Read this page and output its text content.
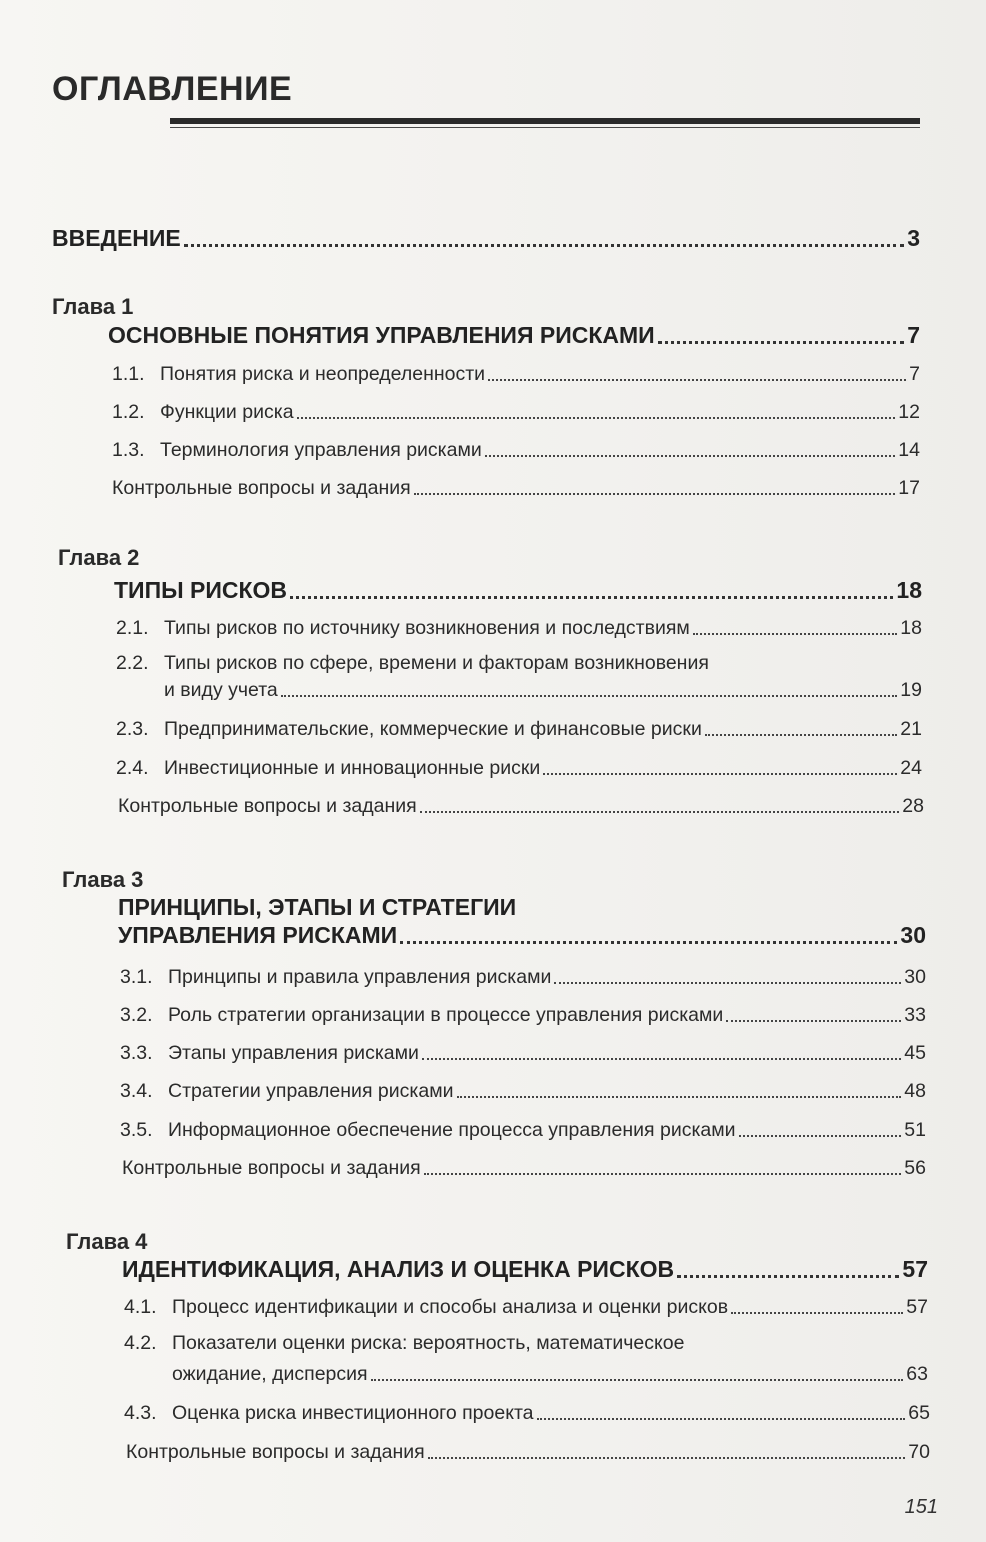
ОГЛАВЛЕНИЕ
ВВЕДЕНИЕ	3
Глава 1
ОСНОВНЫЕ ПОНЯТИЯ УПРАВЛЕНИЯ РИСКАМИ	7
1.1. Понятия риска и неопределенности	7
1.2. Функции риска	12
1.3. Терминология управления рисками	14
Контрольные вопросы и задания	17
Глава 2
ТИПЫ РИСКОВ	18
2.1. Типы рисков по источнику возникновения и последствиям	18
2.2. Типы рисков по сфере, времени и факторам возникновения
и виду учета	19
2.3. Предпринимательские, коммерческие и финансовые риски	21
2.4. Инвестиционные и инновационные риски	24
Контрольные вопросы и задания	28
Глава 3
ПРИНЦИПЫ, ЭТАПЫ И СТРАТЕГИИ
УПРАВЛЕНИЯ РИСКАМИ	30
3.1. Принципы и правила управления рисками	30
3.2. Роль стратегии организации в процессе управления рисками	33
3.3. Этапы управления рисками	45
3.4. Стратегии управления рисками	48
3.5. Информационное обеспечение процесса управления рисками	51
Контрольные вопросы и задания	56
Глава 4
ИДЕНТИФИКАЦИЯ, АНАЛИЗ И ОЦЕНКА РИСКОВ	57
4.1. Процесс идентификации и способы анализа и оценки рисков	57
4.2. Показатели оценки риска: вероятность, математическое
ожидание, дисперсия	63
4.3. Оценка риска инвестиционного проекта	65
Контрольные вопросы и задания	70
151
